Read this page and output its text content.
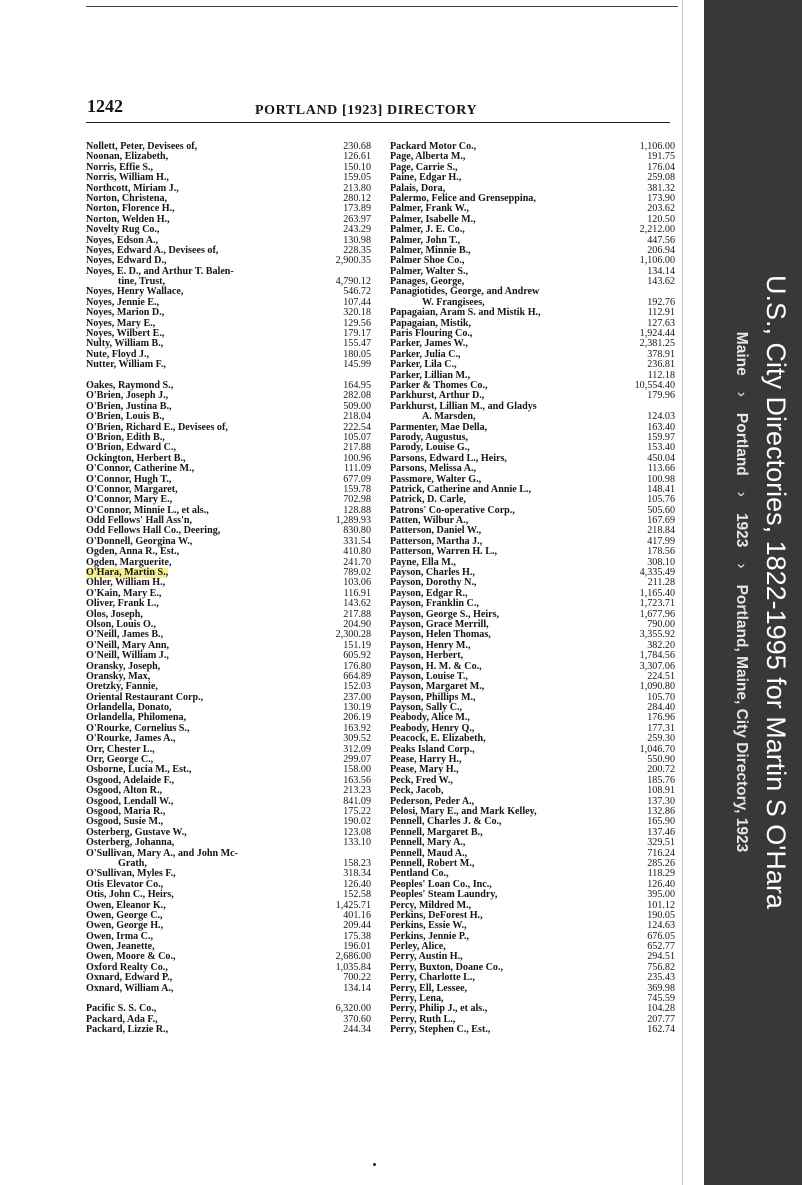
1242	PORTLAND [1923] DIRECTORY
Nollett, Peter, Devisees of,	230.68
Noonan, Elizabeth,	126.61
Norris, Effie S.,	150.10
Norris, William H.,	159.05
Northcott, Miriam J.,	213.80
Norton, Christena,	280.12
Norton, Florence H.,	173.89
Norton, Welden H.,	263.97
Novelty Rug Co.,	243.29
Noyes, Edson A.,	130.98
Noyes, Edward A., Devisees of,	228.35
Noyes, Edward D.,	2,900.35
Noyes, E. D., and Arthur T. Balen-
tine, Trust,	4,790.12
Noyes, Henry Wallace,	546.72
Noyes, Jennie E.,	107.44
Noyes, Marion D.,	320.18
Noyes, Mary E.,	129.56
Noyes, Wilbert E.,	179.17
Nulty, William B.,	155.47
Nute, Floyd J.,	180.05
Nutter, William F.,	145.99
Oakes, Raymond S.,	164.95
O'Brien, Joseph J.,	282.08
O'Brien, Justina B.,	509.00
O'Brien, Louis B.,	218.04
O'Brien, Richard E., Devisees of,	222.54
O'Brion, Edith B.,	105.07
O'Brion, Edward C.,	217.88
Ockington, Herbert B.,	100.96
O'Connor, Catherine M.,	111.09
O'Connor, Hugh T.,	677.09
O'Connor, Margaret,	159.78
O'Connor, Mary E.,	702.98
O'Connor, Minnie L., et als.,	128.88
Odd Fellows' Hall Ass'n,	1,289.93
Odd Fellows Hall Co., Deering,	830.80
O'Donnell, Georgina W.,	331.54
Ogden, Anna R., Est.,	410.80
Ogden, Marguerite,	241.70
O'Hara, Martin S.,	789.02
Ohler, William H.,	103.06
O'Kain, Mary E.,	116.91
Oliver, Frank L.,	143.62
Olos, Joseph,	217.88
Olson, Louis O.,	204.90
O'Neill, James B.,	2,300.28
O'Neill, Mary Ann,	151.19
O'Neill, William J.,	605.92
Oransky, Joseph,	176.80
Oransky, Max,	664.89
Oretzky, Fannie,	152.03
Oriental Restaurant Corp.,	237.00
Orlandella, Donato,	130.19
Orlandella, Philomena,	206.19
O'Rourke, Cornelius S.,	163.92
O'Rourke, James A.,	309.52
Orr, Chester L.,	312.09
Orr, George C.,	299.07
Osborne, Lucia M., Est.,	158.00
Osgood, Adelaide F.,	163.56
Osgood, Alton R.,	213.23
Osgood, Lendall W.,	841.09
Osgood, Maria R.,	175.22
Osgood, Susie M.,	190.02
Osterberg, Gustave W.,	123.08
Osterberg, Johanna,	133.10
O'Sullivan, Mary A., and John Mc-
Grath,	158.23
O'Sullivan, Myles F.,	318.34
Otis Elevator Co.,	126.40
Otis, John C., Heirs,	152.58
Owen, Eleanor K.,	1,425.71
Owen, George C.,	401.16
Owen, George H.,	209.44
Owen, Irma C.,	175.38
Owen, Jeanette,	196.01
Owen, Moore & Co.,	2,686.00
Oxford Realty Co.,	1,035.84
Oxnard, Edward P.,	700.22
Oxnard, William A.,	134.14
Pacific S. S. Co.,	6,320.00
Packard, Ada F.,	370.60
Packard, Lizzie R.,	244.34
Packard Motor Co.,	1,106.00
Page, Alberta M.,	191.75
Page, Carrie S.,	176.04
Paine, Edgar H.,	259.08
Palais, Dora,	381.32
Palermo, Felice and Grenseppina,	173.90
Palmer, Frank W.,	203.62
Palmer, Isabelle M.,	120.50
Palmer, J. E. Co.,	2,212.00
Palmer, John T.,	447.56
Palmer, Minnie B.,	206.94
Palmer Shoe Co.,	1,106.00
Palmer, Walter S.,	134.14
Panages, George,	143.62
Panagiotides, George, and Andrew
W. Frangisees,	192.76
Papagaian, Aram S. and Mistik H.,	112.91
Papagaian, Mistik,	127.63
Paris Flouring Co.,	1,924.44
Parker, James W.,	2,381.25
Parker, Julia C.,	378.91
Parker, Lila C.,	236.81
Parker, Lillian M.,	112.18
Parker & Thomes Co.,	10,554.40
Parkhurst, Arthur D.,	179.96
Parkhurst, Lillian M., and Gladys
A. Marsden,	124.03
Parmenter, Mae Della,	163.40
Parody, Augustus,	159.97
Parody, Louise G.,	153.40
Parsons, Edward L., Heirs,	450.04
Parsons, Melissa A.,	113.66
Passmore, Walter G.,	100.98
Patrick, Catherine and Annie L.,	148.41
Patrick, D. Carle,	105.76
Patrons' Co-operative Corp.,	505.60
Patten, Wilbur A.,	167.69
Patterson, Daniel W.,	218.84
Patterson, Martha J.,	417.99
Patterson, Warren H. L.,	178.56
Payne, Ella M.,	308.10
Payson, Charles H.,	4,335.49
Payson, Dorothy N.,	211.28
Payson, Edgar R.,	1,165.40
Payson, Franklin C.,	1,723.71
Payson, George S., Heirs,	1,677.96
Payson, Grace Merrill,	790.00
Payson, Helen Thomas,	3,355.92
Payson, Henry M.,	382.20
Payson, Herbert,	1,784.56
Payson, H. M. & Co.,	3,307.06
Payson, Louise T.,	224.51
Payson, Margaret M.,	1,090.80
Payson, Phillips M.,	105.70
Payson, Sally C.,	284.40
Peabody, Alice M.,	176.96
Peabody, Henry Q.,	177.31
Peacock, E. Elizabeth,	259.30
Peaks Island Corp.,	1,046.70
Pease, Harry H.,	550.90
Pease, Mary H.,	200.72
Peck, Fred W.,	185.76
Peck, Jacob,	108.91
Pederson, Peder A.,	137.30
Pelosi, Mary E., and Mark Kelley,	132.86
Pennell, Charles J. & Co.,	165.90
Pennell, Margaret B.,	137.46
Pennell, Mary A.,	329.51
Pennell, Maud A.,	716.24
Pennell, Robert M.,	285.26
Pentland Co.,	118.29
Peoples' Loan Co., Inc.,	126.40
Peoples' Steam Laundry,	395.00
Percy, Mildred M.,	101.12
Perkins, DeForest H.,	190.05
Perkins, Essie W.,	124.63
Perkins, Jennie P.,	676.05
Perley, Alice,	652.77
Perry, Austin H.,	294.51
Perry, Buxton, Doane Co.,	756.82
Perry, Charlotte L.,	235.43
Perry, Ell, Lessee,	369.98
Perry, Lena,	745.59
Perry, Philip J., et als.,	104.28
Perry, Ruth L.,	207.77
Perry, Stephen C., Est.,	162.74
U.S., City Directories, 1822-1995 for Martin S O'Hara
Maine›Portland›1923›Portland, Maine, City Directory, 1923
